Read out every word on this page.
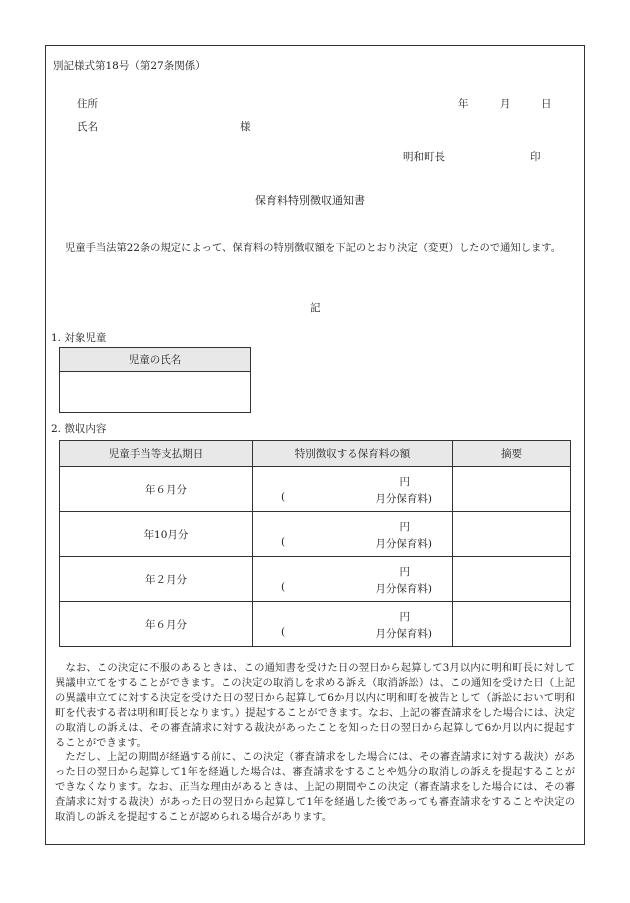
別記様式第18号（第27条関係）
住所	年	月	日
氏名	様
明和町長	印
保育料特別徴収通知書
児童手当法第22条の規定によって、保育料の特別徴収額を下記のとおり決定（変更）したので通知します。
記
1. 対象児童
児童の氏名

2. 徴収内容
児童手当等支払期日	特別徴収する保育料の額	摘要
年６月分	円
( 月分保育料)	

年10月分	円
( 月分保育料)	

年２月分	円
( 月分保育料)	

年６月分	円
( 月分保育料)	

　なお、この決定に不服のあるときは、この通知書を受けた日の翌日から起算して3月以内に明和町長に対して異議申立てをすることができます。この決定の取消しを求める訴え（取消訴訟）は、この通知を受けた日（上記の異議申立てに対する決定を受けた日の翌日から起算して6か月以内に明和町を被告として（訴訟において明和町を代表する者は明和町長となります。）提起することができます。なお、上記の審査請求をした場合には、決定の取消しの訴えは、その審査請求に対する裁決があったことを知った日の翌日から起算して6か月以内に提起することができます。
　ただし、上記の期間が経過する前に、この決定（審査請求をした場合には、その審査請求に対する裁決）があった日の翌日から起算して1年を経過した場合は、審査請求をすることや処分の取消しの訴えを提起することができなくなります。なお、正当な理由があるときは、上記の期間やこの決定（審査請求をした場合には、その審査請求に対する裁決）があった日の翌日から起算して1年を経過した後であっても審査請求をすることや決定の取消しの訴えを提起することが認められる場合があります。
